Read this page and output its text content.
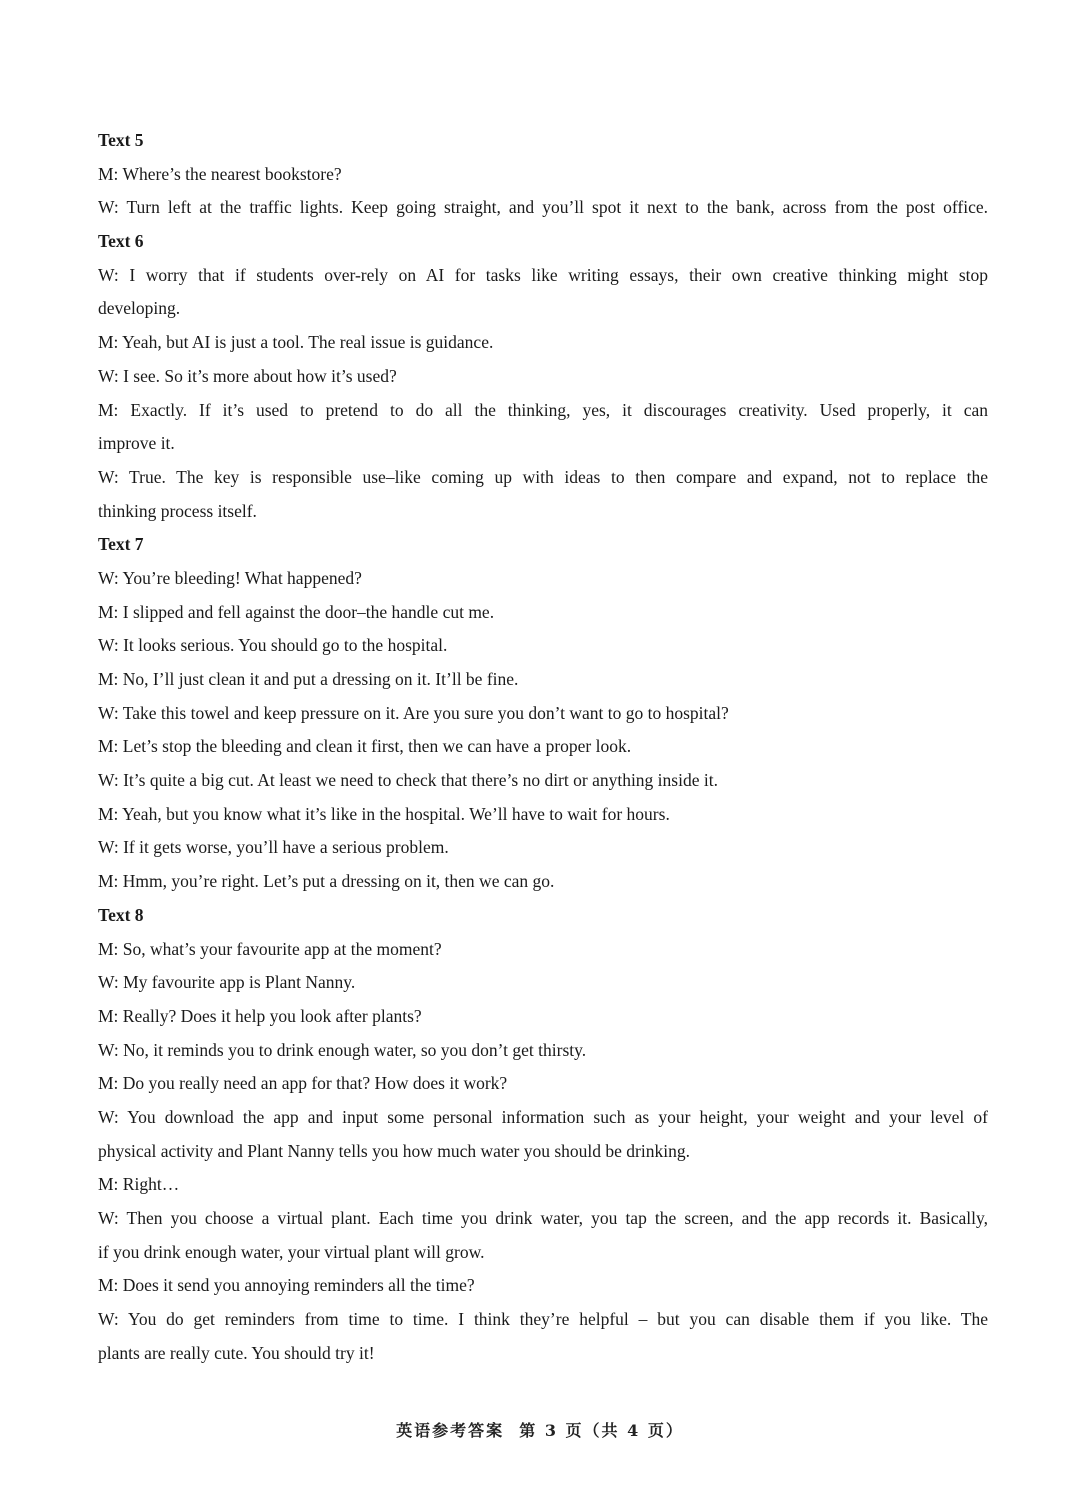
Text 5
M: Where’s the nearest bookstore?
W: Turn left at the traffic lights. Keep going straight, and you’ll spot it next to the bank, across from the post office.
Text 6
W: I worry that if students over-rely on AI for tasks like writing essays, their own creative thinking might stop
developing.
M: Yeah, but AI is just a tool. The real issue is guidance.
W: I see. So it’s more about how it’s used?
M: Exactly. If it’s used to pretend to do all the thinking, yes, it discourages creativity. Used properly, it can
improve it.
W: True. The key is responsible use–like coming up with ideas to then compare and expand, not to replace the
thinking process itself.
Text 7
W: You’re bleeding! What happened?
M: I slipped and fell against the door–the handle cut me.
W: It looks serious. You should go to the hospital.
M: No, I’ll just clean it and put a dressing on it. It’ll be fine.
W: Take this towel and keep pressure on it. Are you sure you don’t want to go to hospital?
M: Let’s stop the bleeding and clean it first, then we can have a proper look.
W: It’s quite a big cut. At least we need to check that there’s no dirt or anything inside it.
M: Yeah, but you know what it’s like in the hospital. We’ll have to wait for hours.
W: If it gets worse, you’ll have a serious problem.
M: Hmm, you’re right. Let’s put a dressing on it, then we can go.
Text 8
M: So, what’s your favourite app at the moment?
W: My favourite app is Plant Nanny.
M: Really? Does it help you look after plants?
W: No, it reminds you to drink enough water, so you don’t get thirsty.
M: Do you really need an app for that? How does it work?
W: You download the app and input some personal information such as your height, your weight and your level of
physical activity and Plant Nanny tells you how much water you should be drinking.
M: Right…
W: Then you choose a virtual plant. Each time you drink water, you tap the screen, and the app records it. Basically,
if you drink enough water, your virtual plant will grow.
M: Does it send you annoying reminders all the time?
W: You do get reminders from time to time. I think they’re helpful – but you can disable them if you like. The
plants are really cute. You should try it!
英语参考答案  第 3 页（共 4 页）
